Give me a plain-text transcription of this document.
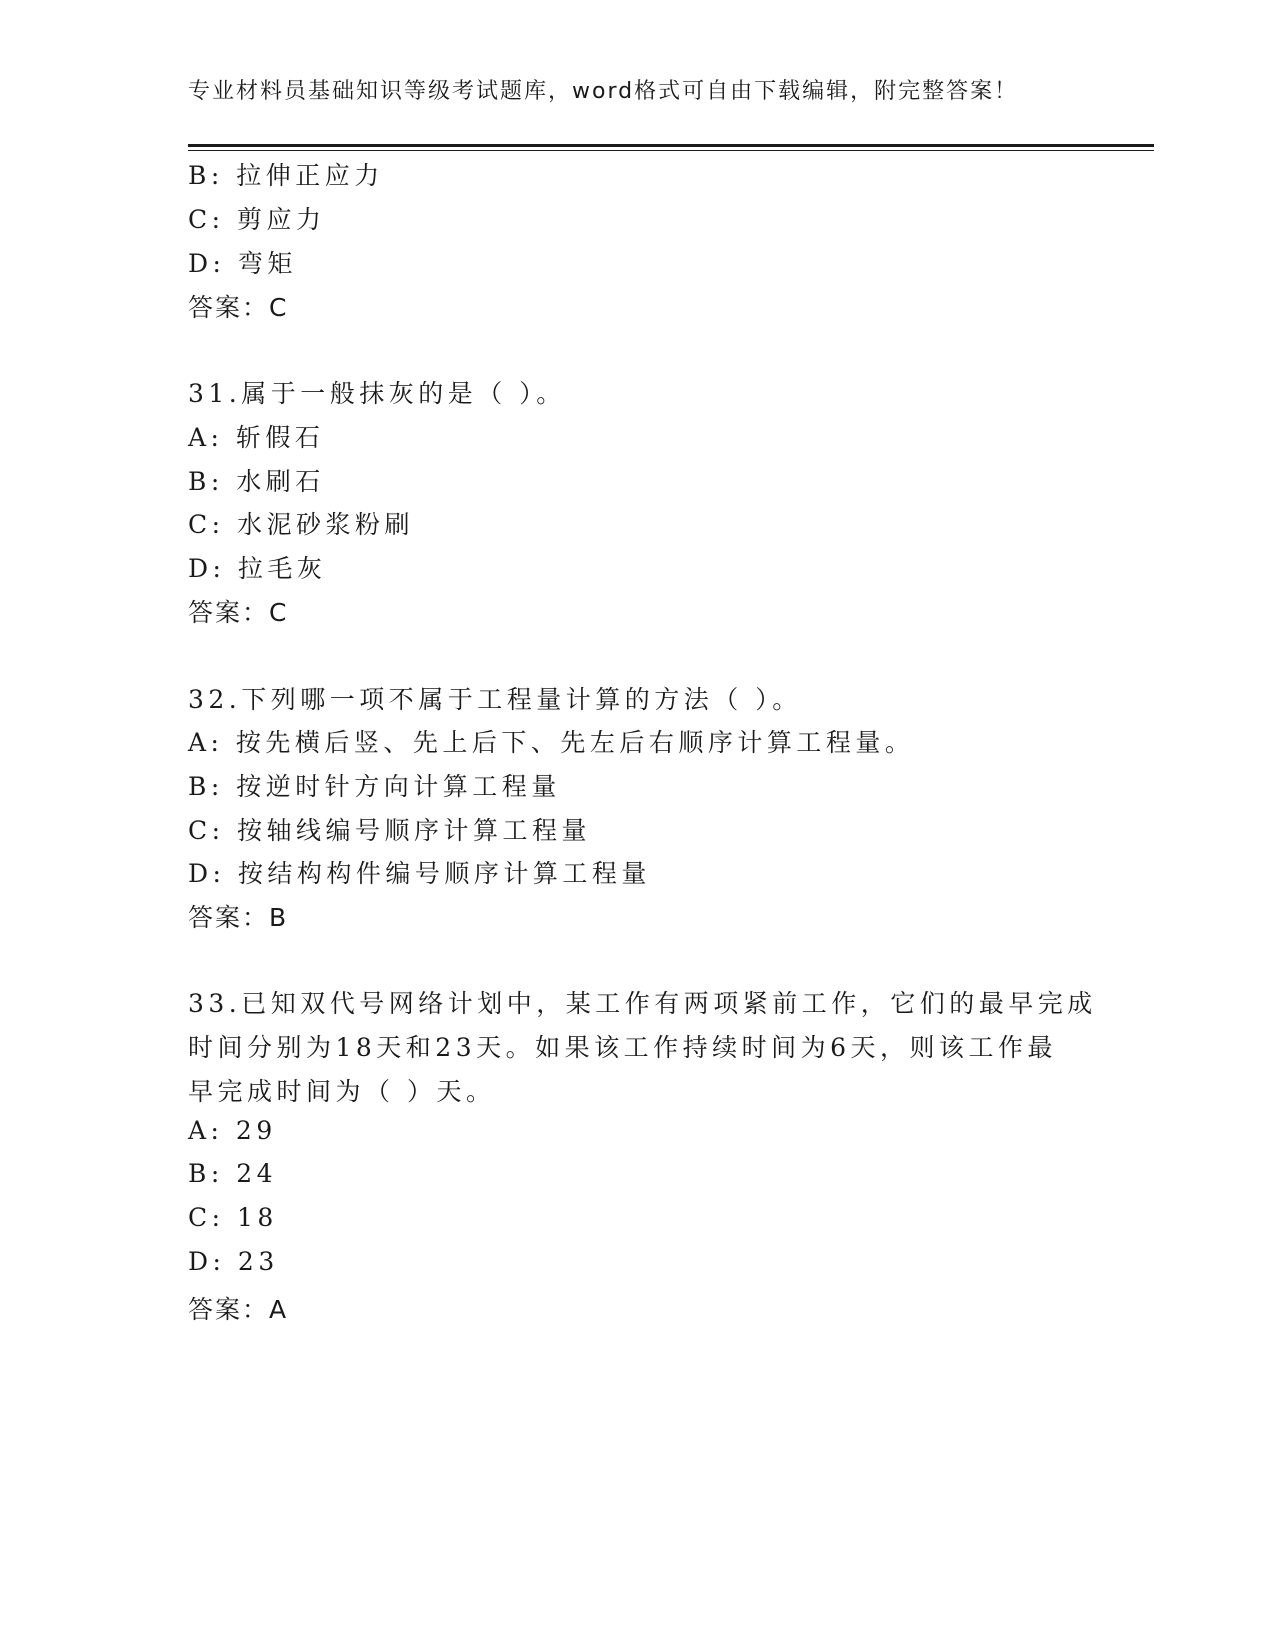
专业材料员基础知识等级考试题库，word格式可自由下载编辑，附完整答案！
B: 拉伸正应力
C: 剪应力
D: 弯矩
答案：C
31.属于一般抹灰的是（ ）。
A: 斩假石
B: 水刷石
C: 水泥砂浆粉刷
D: 拉毛灰
答案：C
32.下列哪一项不属于工程量计算的方法（ ）。
A: 按先横后竖、先上后下、先左后右顺序计算工程量。
B: 按逆时针方向计算工程量
C: 按轴线编号顺序计算工程量
D: 按结构构件编号顺序计算工程量
答案：B
33.已知双代号网络计划中，某工作有两项紧前工作，它们的最早完成
时间分别为18天和23天。如果该工作持续时间为6天，则该工作最
早完成时间为（ ）天。
A: 29
B: 24
C: 18
D: 23
答案：A
